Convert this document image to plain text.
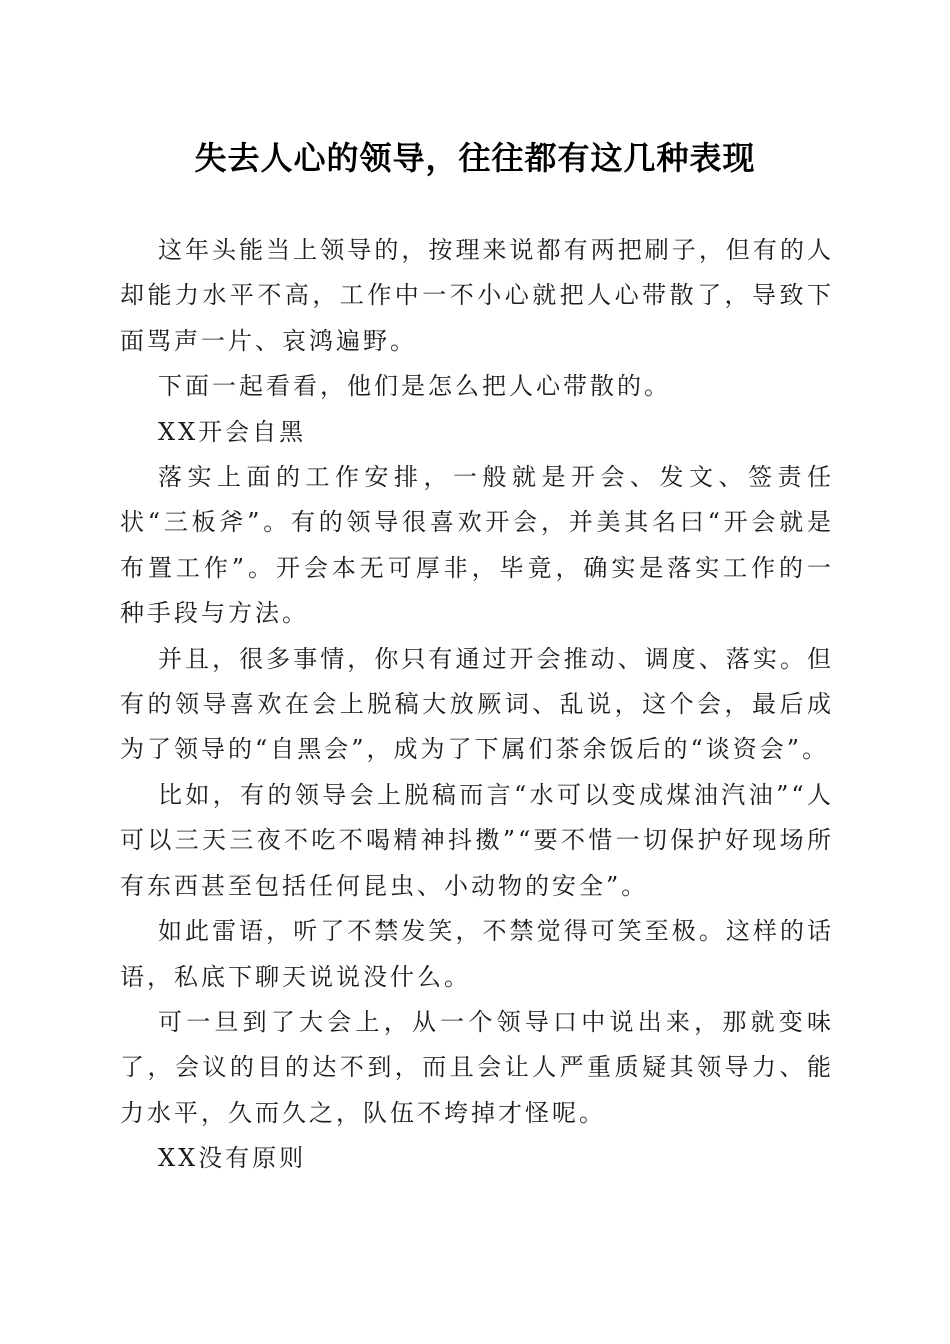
失去人心的领导，往往都有这几种表现

这年头能当上领导的，按理来说都有两把刷子，但有的人却能力水平不高，工作中一不小心就把人心带散了，导致下面骂声一片、哀鸿遍野。

下面一起看看，他们是怎么把人心带散的。

XX开会自黑

落实上面的工作安排，一般就是开会、发文、签责任状“三板斧”。有的领导很喜欢开会，并美其名曰“开会就是布置工作”。开会本无可厚非，毕竟，确实是落实工作的一种手段与方法。

并且，很多事情，你只有通过开会推动、调度、落实。但有的领导喜欢在会上脱稿大放厥词、乱说，这个会，最后成为了领导的“自黑会”，成为了下属们茶余饭后的“谈资会”。

比如，有的领导会上脱稿而言“水可以变成煤油汽油”“人可以三天三夜不吃不喝精神抖擞”“要不惜一切保护好现场所有东西甚至包括任何昆虫、小动物的安全”。

如此雷语，听了不禁发笑，不禁觉得可笑至极。这样的话语，私底下聊天说说没什么。

可一旦到了大会上，从一个领导口中说出来，那就变味了，会议的目的达不到，而且会让人严重质疑其领导力、能力水平，久而久之，队伍不垮掉才怪呢。

XX没有原则
